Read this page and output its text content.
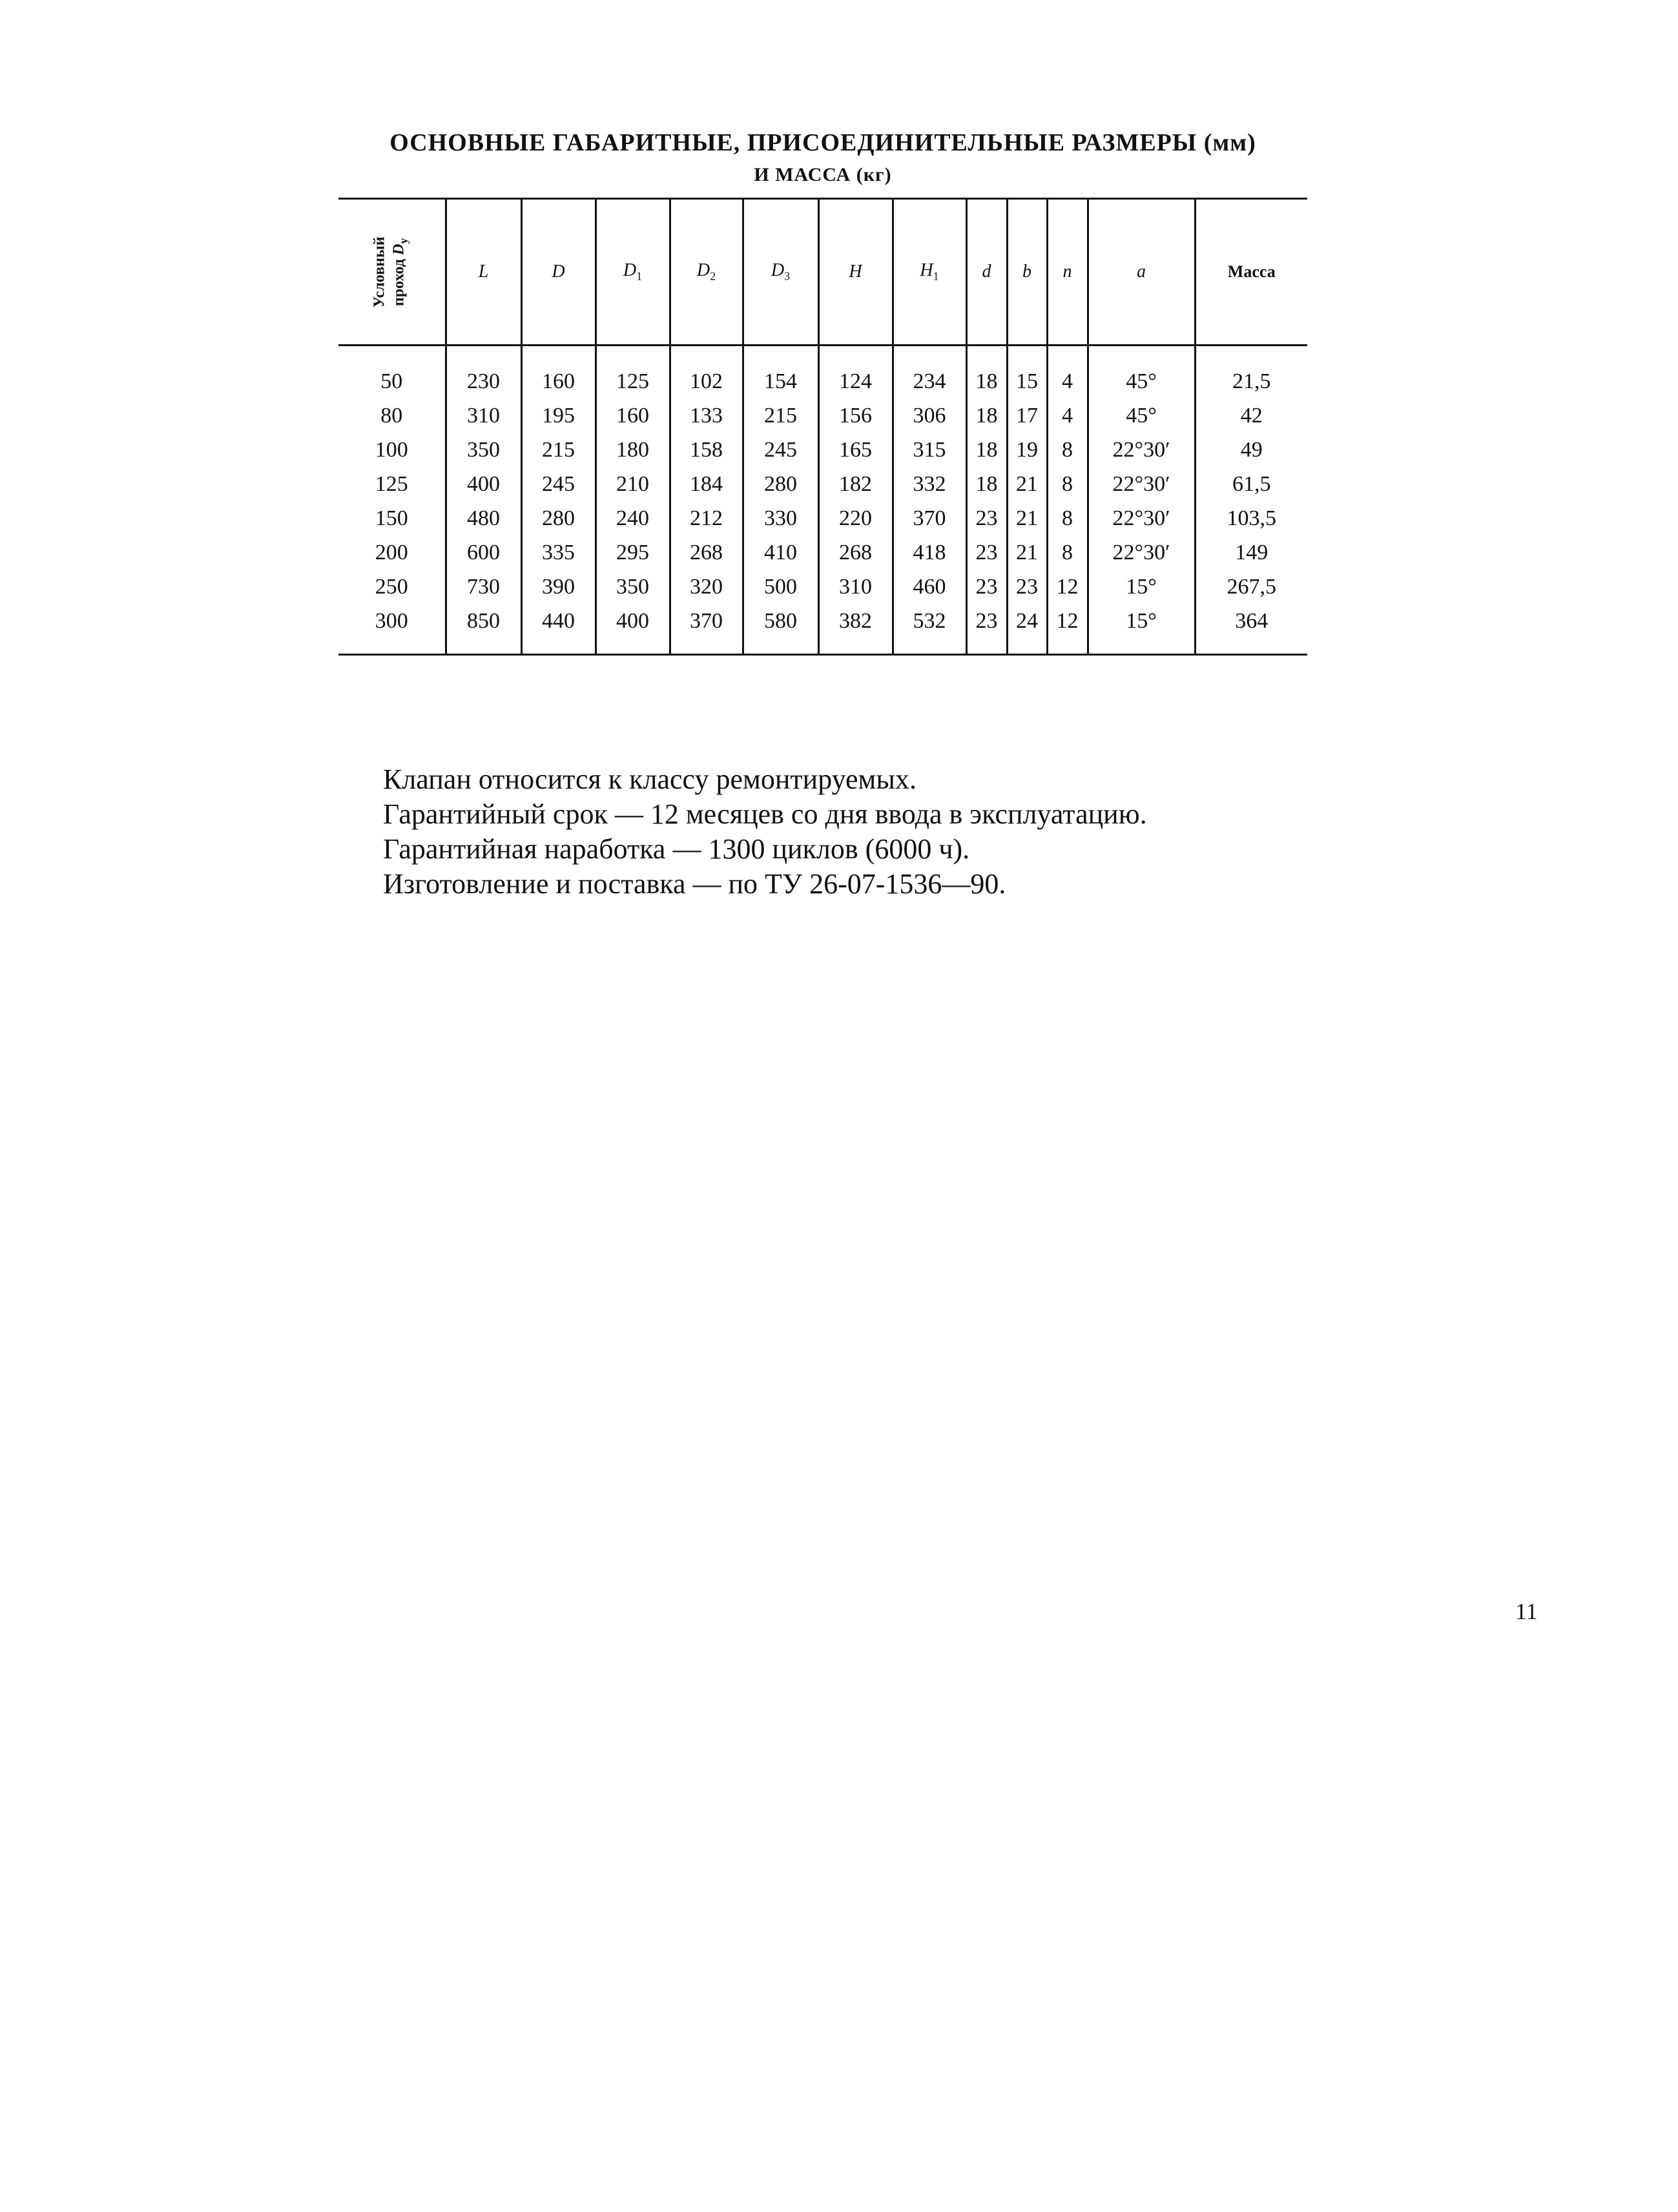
ОСНОВНЫЕ ГАБАРИТНЫЕ, ПРИСОЕДИНИТЕЛЬНЫЕ РАЗМЕРЫ (мм)
И МАССА (кг)
Условный проход $D_у$	L	D	$D_1$	$D_2$	$D_3$	H	$H_1$	d	b	n	a	Масса
50	230	160	125	102	154	124	234	18	15	4	45°	21,5
80	310	195	160	133	215	156	306	18	17	4	45°	42
100	350	215	180	158	245	165	315	18	19	8	22°30′	49
125	400	245	210	184	280	182	332	18	21	8	22°30′	61,5
150	480	280	240	212	330	220	370	23	21	8	22°30′	103,5
200	600	335	295	268	410	268	418	23	21	8	22°30′	149
250	730	390	350	320	500	310	460	23	23	12	15°	267,5
300	850	440	400	370	580	382	532	23	24	12	15°	364
Клапан относится к классу ремонтируемых.
Гарантийный срок — 12 месяцев со дня ввода в эксплуатацию.
Гарантийная наработка — 1300 циклов (6000 ч).
Изготовление и поставка — по ТУ 26-07-1536—90.
11
